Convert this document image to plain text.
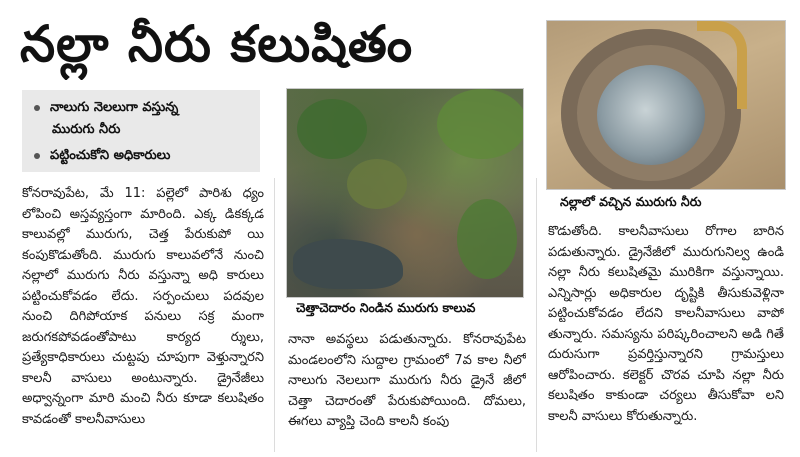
నల్లా నీరు కలుషితం
నాలుగు నెలలుగా వస్తున్న
మురుగు నీరు
పట్టించుకోని అధికారులు

కోనరావుపేట, మే 11: పల్లెలో పారిశు ధ్యం లోపించి అస్తవ్యస్తంగా మారింది. ఎక్క డికక్కడ కాలువల్లో మురుగు, చెత్త పేరుకుపో యి కంపుకొడుతోంది. మురుగు కాలువలోనే నుంచి నల్లాలో మురుగు నీరు వస్తున్నా అధి కారులు పట్టించుకోవడం లేదు. సర్పంచులు పదవుల నుంచి దిగిపోయాక పనులు సక్ర మంగా జరుగకపోవడంతోపాటు కార్యద ర్శులు, ప్రత్యేకాధికారులు చుట్టపు చూపుగా వెళ్తున్నారని కాలనీ వాసులు అంటున్నారు. డ్రైనేజీలు అధ్వాన్నంగా మారి మంచి నీరు కూడా కలుషితం కావడంతో కాలనీవాసులు

చెత్తాచెదారం నిండిన మురుగు కాలువ

నానా అవస్థలు పడుతున్నారు. కోనరావుపేట మండలంలోని సుద్దాల గ్రామంలో 7వ కాల నీలో నాలుగు నెలలుగా మురుగు నీరు డ్రైనే జీలో చెత్తా చెదారంతో పేరుకుపోయింది. దోమలు, ఈగలు వ్యాప్తి చెంది కాలనీ కంపు

నల్లాలో వచ్చిన మురుగు నీరు

కొడుతోంది. కాలనీవాసులు రోగాల బారిన పడుతున్నారు. డ్రైనేజీలో మురుగునిల్వ ఉండి నల్లా నీరు కలుషితమై మురికిగా వస్తున్నాయి. ఎన్నిసార్లు అధికారుల దృష్టికి తీసుకువెళ్లినా పట్టించుకోవడం లేదని కాలనీవాసులు వాపో తున్నారు. సమస్యను పరిష్కరించాలని అడి గితే దురుసుగా ప్రవర్తిస్తున్నారని గ్రామస్తులు ఆరోపించారు. కలెక్టర్ చొరవ చూపి నల్లా నీరు కలుషితం కాకుండా చర్యలు తీసుకోవా లని కాలనీ వాసులు కోరుతున్నారు.
